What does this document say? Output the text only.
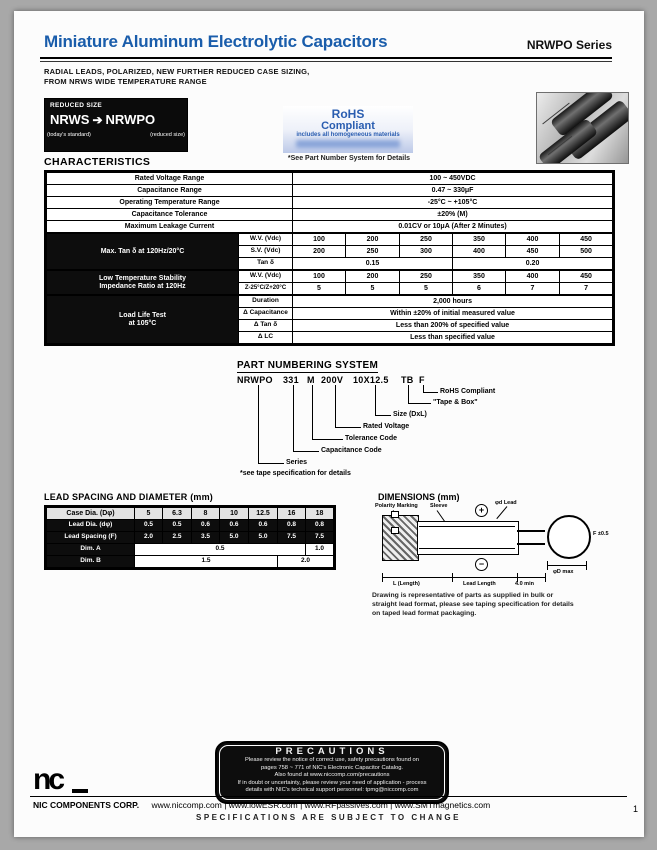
Miniature Aluminum Electrolytic Capacitors	NRWPO Series
RADIAL LEADS, POLARIZED, NEW FURTHER REDUCED CASE SIZING,
FROM NRWS WIDE TEMPERATURE RANGE
REDUCED SIZE
NRWS ➔ NRWPO
(today's standard)	(reduced size)
RoHS
Compliant
includes all homogeneous materials
*See Part Number System for Details
CHARACTERISTICS
Rated Voltage Range		100 ~ 450VDC					
Capacitance Range		0.47 ~ 330μF					
Operating Temperature Range		-25°C ~ +105°C					
Capacitance Tolerance		±20% (M)					
Maximum Leakage Current		0.01CV or 10μA (After 2 Minutes)					
Max. Tan δ at 120Hz/20°C	W.V. (Vdc)	100	200	250	350	400	450
	S.V. (Vdc)	200	250	300	400	450	500
	Tan δ	0.15			0.20		

Low Temperature Stability
Impedance Ratio at 120Hz	W.V. (Vdc)	100	200	250	350	400	450
	Z-25°C/Z+20°C	5	5	5	6	7	7

Load Life Test
at 105°C	Duration	2,000 hours					
	Δ Capacitance	Within ±20% of initial measured value					
	Δ Tan δ	Less than 200% of specified value					
	Δ LC	Less than specified value					
PART NUMBERING SYSTEM
NRWPO 331 M 200V 10X12.5 TB F
RoHS Compliant
"Tape & Box"
Size (DxL)
Rated Voltage
Tolerance Code
Capacitance Code
Series
*see tape specification for details
LEAD SPACING AND DIAMETER (mm)
Case Dia. (Dφ)	5	6.3	8	10	12.5	16	18
Lead Dia. (dφ)	0.5	0.5	0.6	0.6	0.6	0.8	0.8
Lead Spacing (F)	2.0	2.5	3.5	5.0	5.0	7.5	7.5
Dim. A	0.5						1.0
Dim. B	1.5					2.0	
DIMENSIONS (mm)
Polarity Marking Sleeve	φd Lead
+
−
L (Length)	Lead Length	4.0 min
φD max
F ±0.5
Drawing is representative of parts as supplied in bulk or
straight lead format, please see taping specification for details
on taped lead format packaging.
PRECAUTIONS
Please review the notice of correct use, safety precautions found on
pages 758 ~ 771 of NIC's Electronic Capacitor Catalog.
Also found at www.niccomp.com/precautions
If in doubt or uncertainty, please review your need of application - process
details with NIC's technical support personnel: tpmg@niccomp.com
nc
NIC COMPONENTS CORP. www.niccomp.com | www.lowESR.com | www.RFpassives.com | www.SMTmagnetics.com
SPECIFICATIONS ARE SUBJECT TO CHANGE
1
